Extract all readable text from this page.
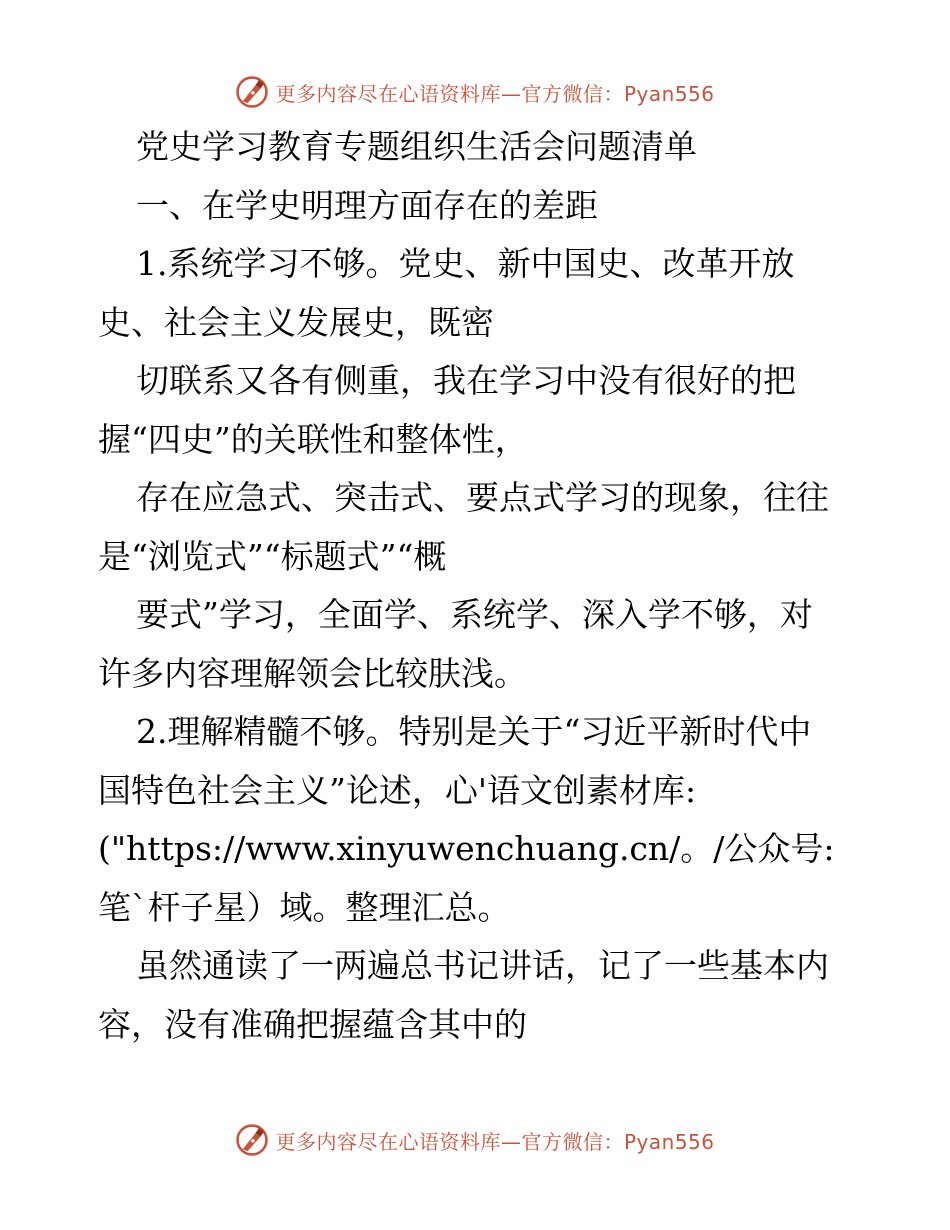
更多内容尽在心语资料库—官方微信：Pyan556
党史学习教育专题组织生活会问题清单
一、在学史明理方面存在的差距
1.系统学习不够。党史、新中国史、改革开放
史、社会主义发展史，既密
切联系又各有侧重，我在学习中没有很好的把
握“四史”的关联性和整体性，
存在应急式、突击式、要点式学习的现象，往往
是“浏览式”“标题式”“概
要式”学习，全面学、系统学、深入学不够，对
许多内容理解领会比较肤浅。
2.理解精髓不够。特别是关于“习近平新时代中
国特色社会主义”论述，心'语文创素材库:
("https://www.xinyuwenchuang.cn/。/公众号:
笔`杆子星）域。整理汇总。
虽然通读了一两遍总书记讲话，记了一些基本内
容，没有准确把握蕴含其中的
更多内容尽在心语资料库—官方微信：Pyan556
